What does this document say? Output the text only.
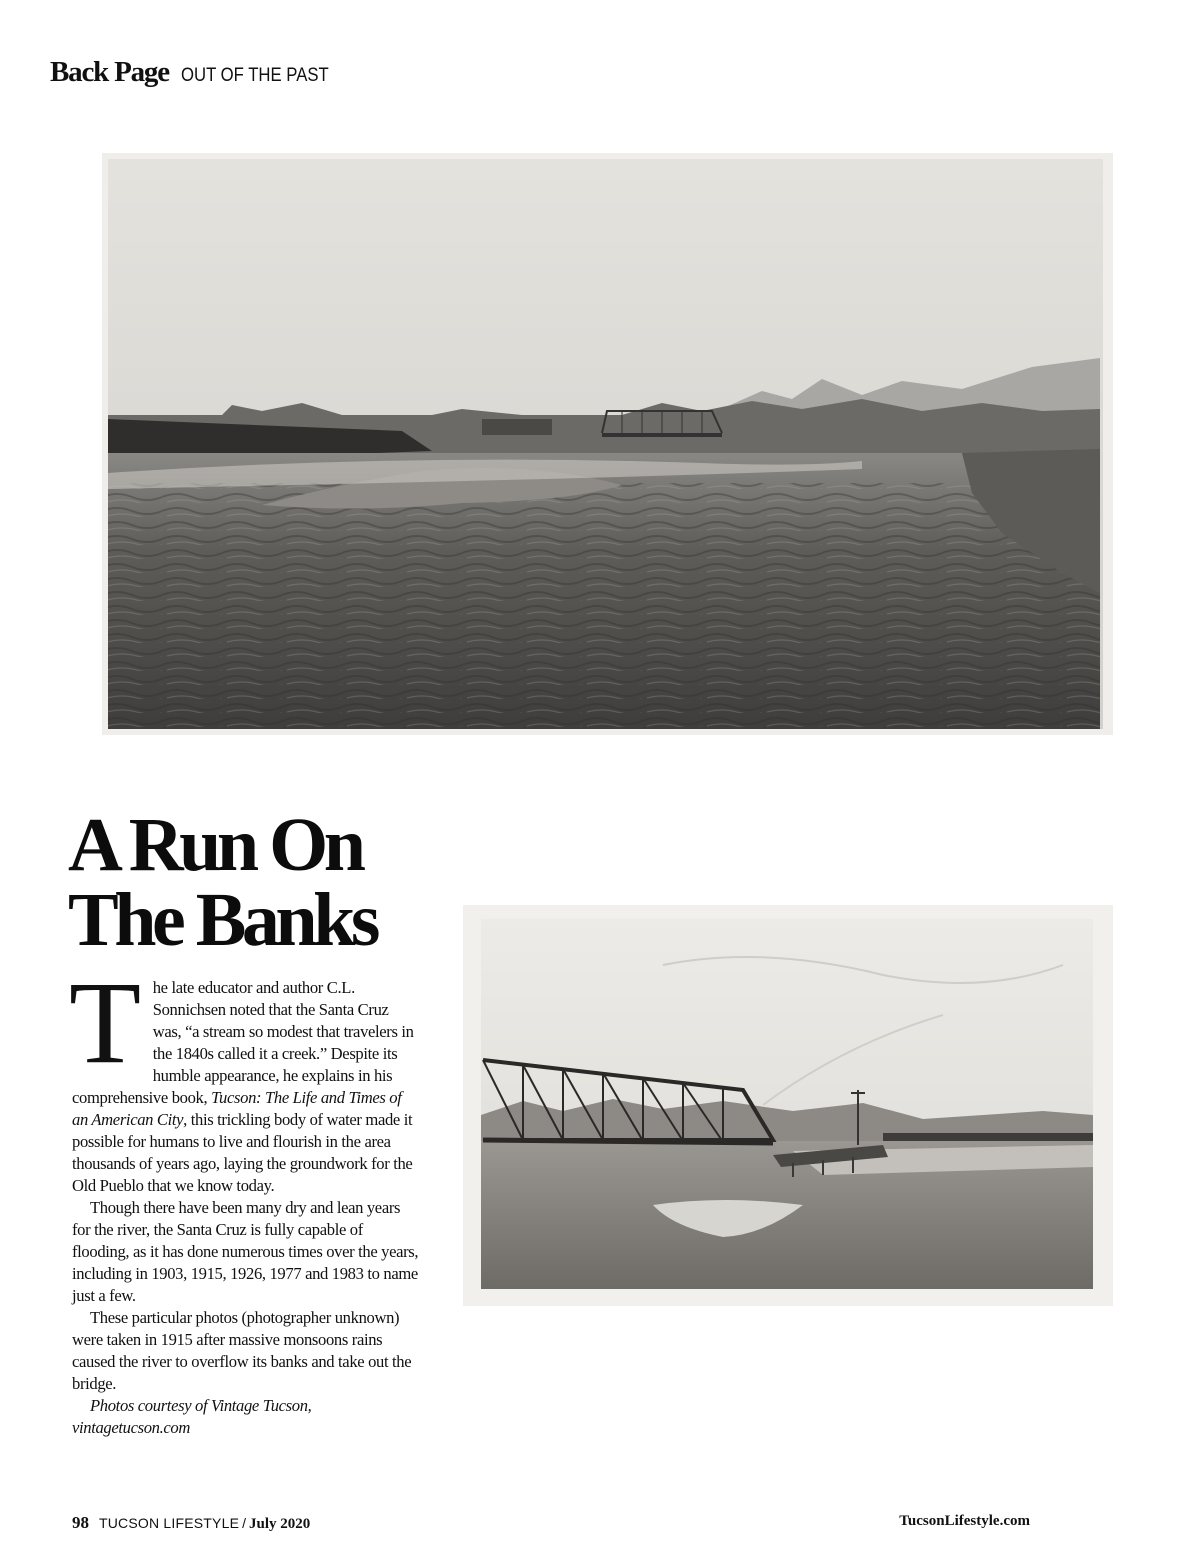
Back Page OUT OF THE PAST
A Run On
The Banks

The late educator and author C.L. Sonnichsen noted that the Santa Cruz was, “a stream so modest that travelers in the 1840s called it a creek.” Despite its humble appearance, he explains in his comprehensive book, Tucson: The Life and Times of an American City, this trickling body of water made it possible for humans to live and flourish in the area thousands of years ago, laying the groundwork for the Old Pueblo that we know today.

Though there have been many dry and lean years for the river, the Santa Cruz is fully capable of flooding, as it has done numerous times over the years, including in 1903, 1915, 1926, 1977 and 1983 to name just a few.

These particular photos (photographer unknown) were taken in 1915 after massive monsoons rains caused the river to overflow its banks and take out the bridge.

Photos courtesy of Vintage Tucson, vintagetucson.com

98 TUCSON LIFESTYLE / July 2020	TucsonLifestyle.com
